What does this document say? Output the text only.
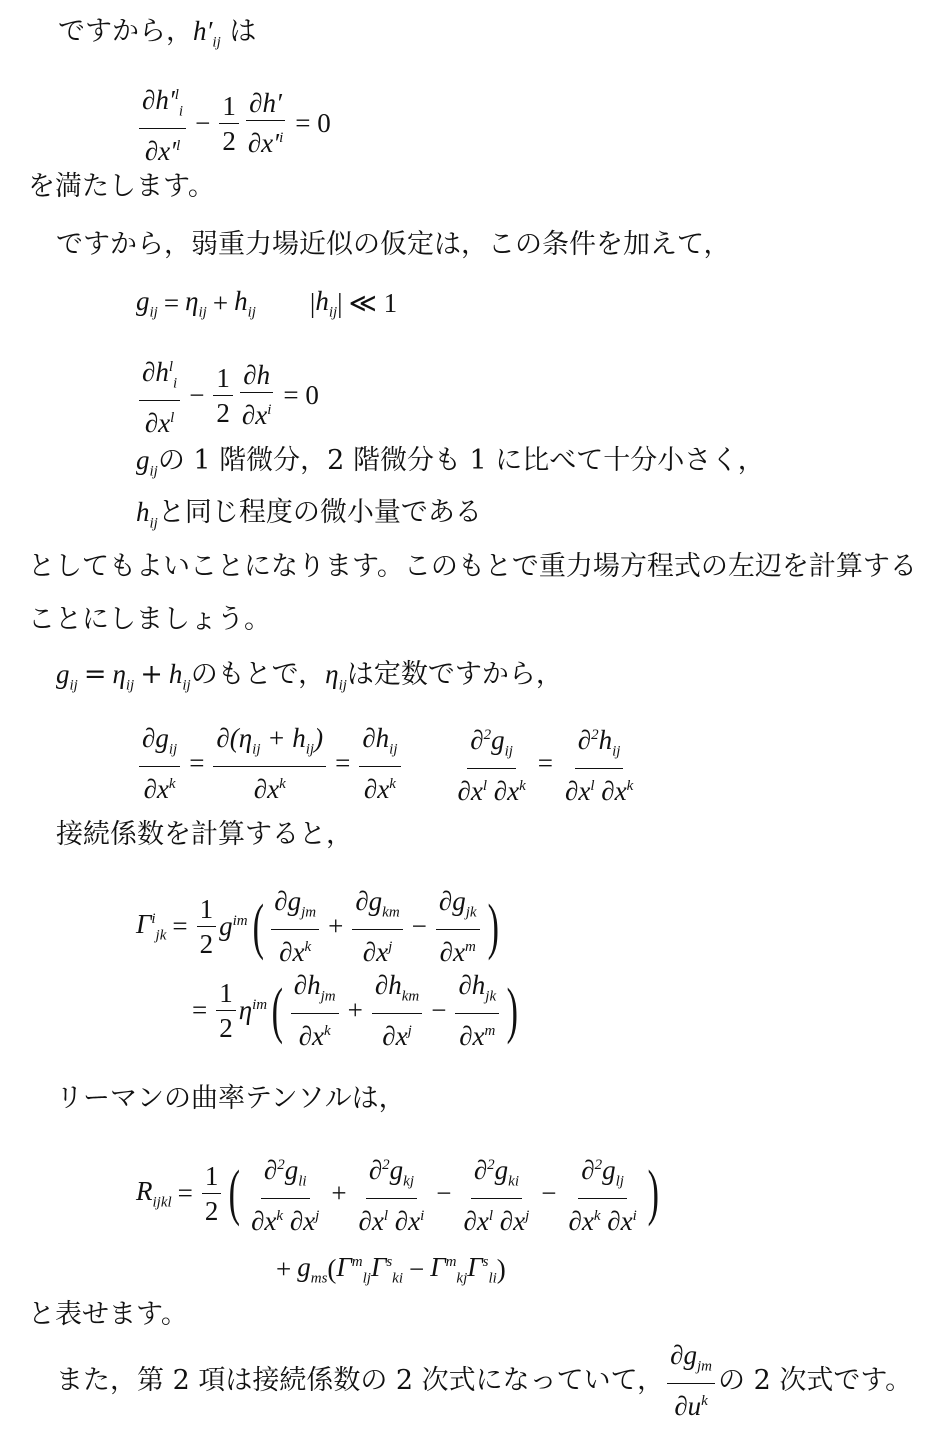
ですから，$h'_{ij}$ は
$\frac{\partial h'^l_i}{\partial x'^l} - \frac{1}{2} \frac{\partial h'}{\partial x'^i} = 0$
を満たします。
ですから，弱重力場近似の仮定は，この条件を加えて，
$g_{ij} = \eta_{ij} + h_{ij}$ | $h_{ij}$ | ≪ 1
$\frac{\partial h^l_i}{\partial x^l} - \frac{1}{2} \frac{\partial h}{\partial x^i} = 0$
$g_{ij}$の 1 階微分，2 階微分も 1 に比べて十分小さく，
$h_{ij}$と同じ程度の微小量である
としてもよいことになります。このもとで重力場方程式の左辺を計算する
ことにしましょう。
$g_{ij} = \eta_{ij} + h_{ij}$のもとで，$\eta_{ij}$は定数ですから，
$\frac{\partial g_{ij}}{\partial x^k} = \frac{\partial(\eta_{ij} + h_{ij})}{\partial x^k} = \frac{\partial h_{ij}}{\partial x^k} \frac{\partial^2g_{ij}}{\partial x^l \partial x^k} = \frac{\partial^2h_{ij}}{\partial x^l \partial x^k}$
接続係数を計算すると，
$\Gamma^i_{jk} = \frac{1}{2} g^{im}$ ( $\frac{\partial g_{jm}}{\partial x^k} + \frac{\partial g_{km}}{\partial x^j} - \frac{\partial g_{jk}}{\partial x^m}$ )
= $\frac{1}{2} \eta^{im}$ ( $\frac{\partial h_{jm}}{\partial x^k} + \frac{\partial h_{km}}{\partial x^j} - \frac{\partial h_{jk}}{\partial x^m}$ )
リーマンの曲率テンソルは，
$R_{ijkl} = \frac{1}{2}$ ( $\frac{\partial^2g_{li}}{\partial x^k \partial x^j} + \frac{\partial^2g_{kj}}{\partial x^l \partial x^i} - \frac{\partial^2g_{ki}}{\partial x^l \partial x^j} - \frac{\partial^2g_{lj}}{\partial x^k \partial x^i}$ )
+ $g_{ms}$ ( $\Gamma^m_{lj}\Gamma^s_{ki} - \Gamma^m_{kj}\Gamma^s_{li}$ )
と表せます。
また，第 2 項は接続係数の 2 次式になっていて， $\frac{\partial g_{jm}}{\partial u^k}$ の 2 次式です。
